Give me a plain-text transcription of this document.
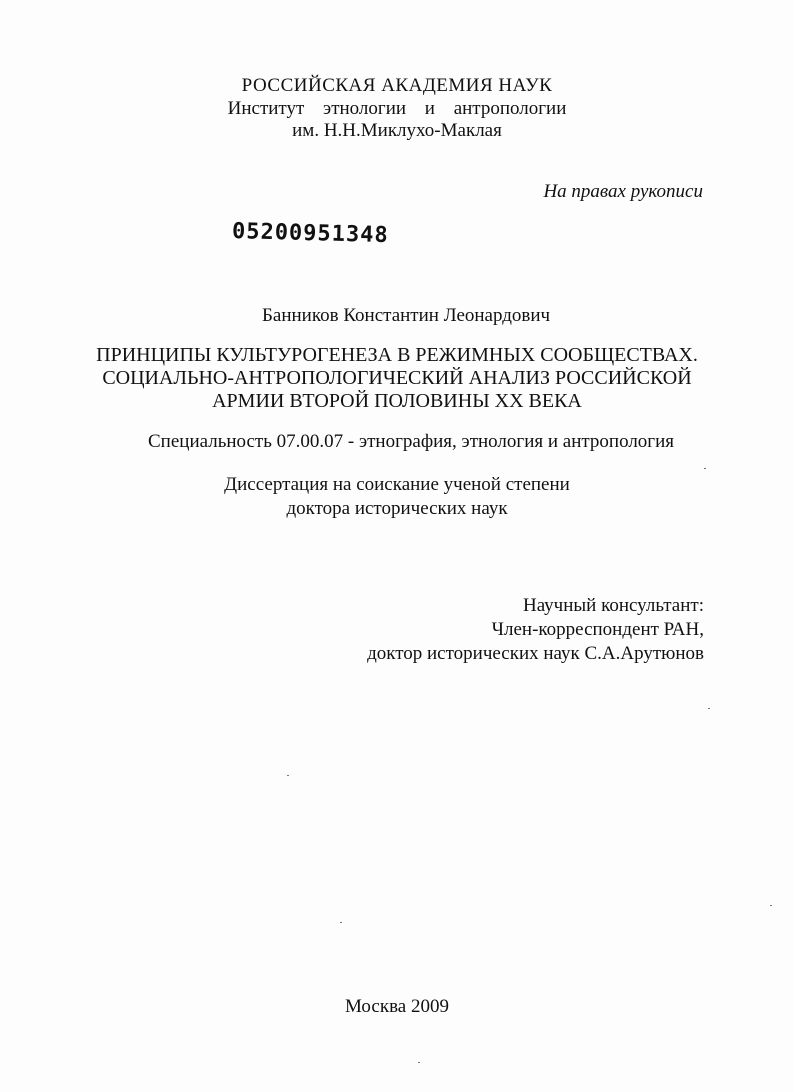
РОССИЙСКАЯ АКАДЕМИЯ НАУК
Институт этнологии и антропологии
им. Н.Н.Миклухо-Маклая
На правах рукописи
05200951348
Банников Константин Леонардович
ПРИНЦИПЫ КУЛЬТУРОГЕНЕЗА В РЕЖИМНЫХ СООБЩЕСТВАХ.
СОЦИАЛЬНО-АНТРОПОЛОГИЧЕСКИЙ АНАЛИЗ РОССИЙСКОЙ
АРМИИ ВТОРОЙ ПОЛОВИНЫ XX ВЕКА
Специальность 07.00.07 - этнография, этнология и антропология
Диссертация на соискание ученой степени
доктора исторических наук
Научный консультант:
Член-корреспондент РАН,
доктор исторических наук С.А.Арутюнов
Москва 2009
